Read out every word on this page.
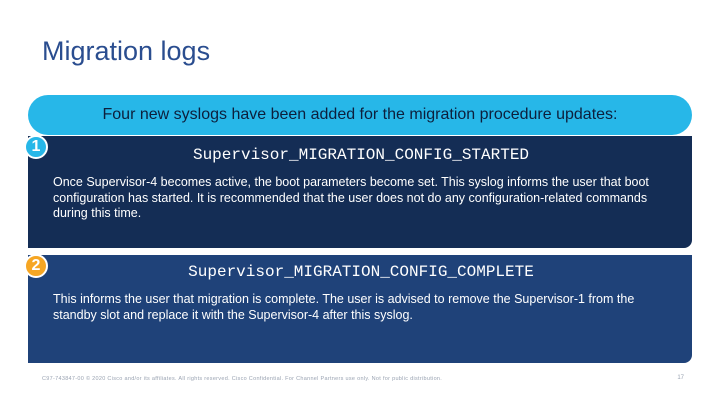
Migration logs
Four new syslogs have been added for the migration procedure updates:
Supervisor_MIGRATION_CONFIG_STARTED
Once Supervisor-4 becomes active, the boot parameters become set. This syslog informs the user that boot configuration has started. It is recommended that the user does not do any configuration-related commands during this time.
1
Supervisor_MIGRATION_CONFIG_COMPLETE
This informs the user that migration is complete. The user is advised to remove the Supervisor-1 from the standby slot and replace it with the Supervisor-4 after this syslog.
2
C97-743847-00 © 2020 Cisco and/or its affiliates. All rights reserved. Cisco Confidential. For Channel Partners use only. Not for public distribution.	17
